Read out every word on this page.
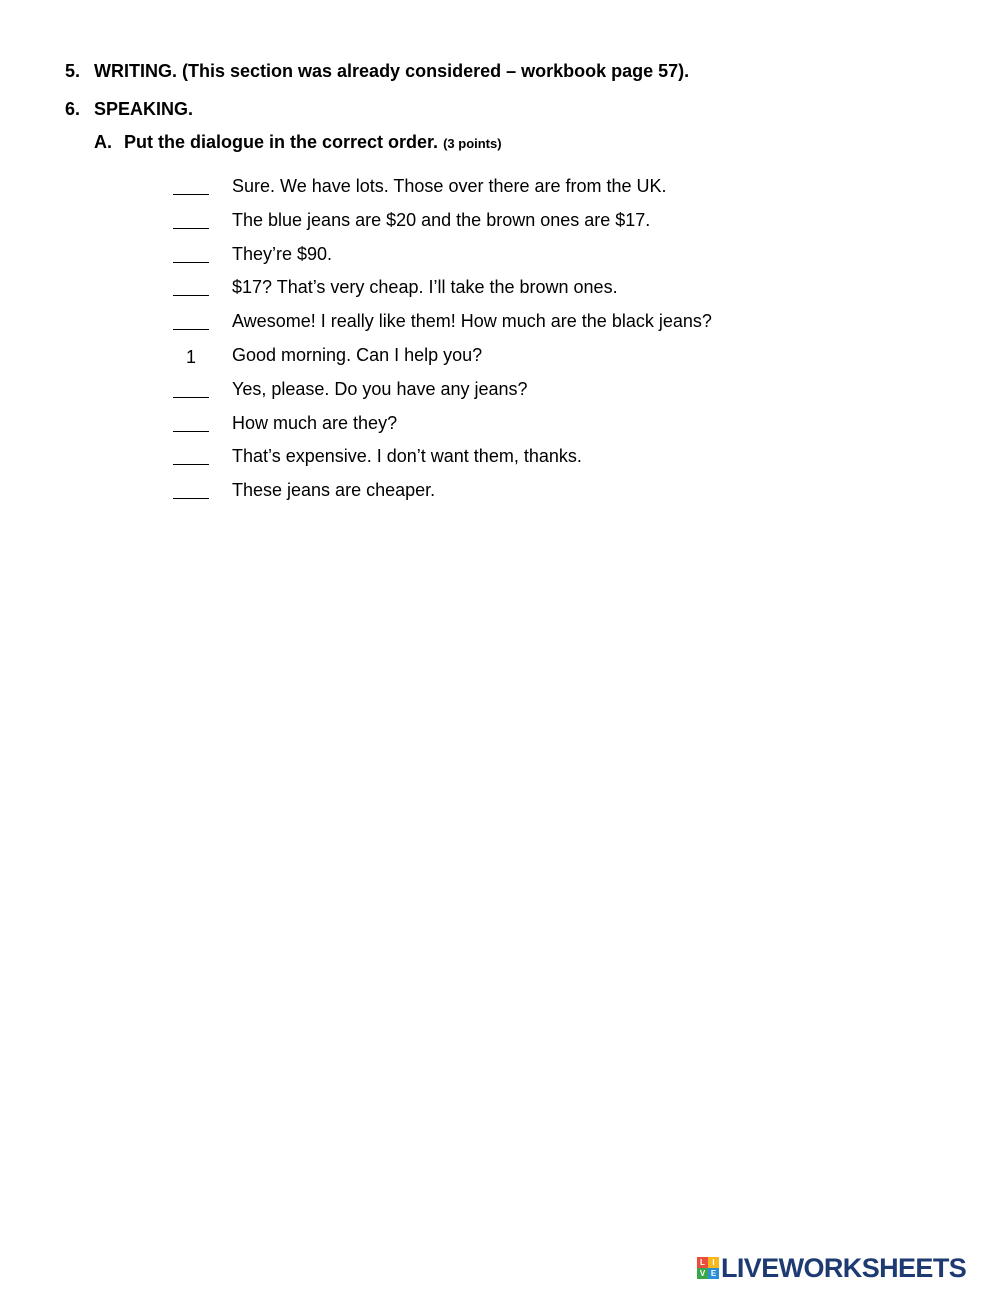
5. WRITING. (This section was already considered – workbook page 57).
6. SPEAKING.
A. Put the dialogue in the correct order. (3 points)
Sure. We have lots. Those over there are from the UK.
The blue jeans are $20 and the brown ones are $17.
They’re $90.
$17? That’s very cheap. I’ll take the brown ones.
Awesome! I really like them! How much are the black jeans?
1	Good morning. Can I help you?
Yes, please. Do you have any jeans?
How much are they?
That’s expensive. I don’t want them, thanks.
These jeans are cheaper.
L I
V E LIVEWORKSHEETS
